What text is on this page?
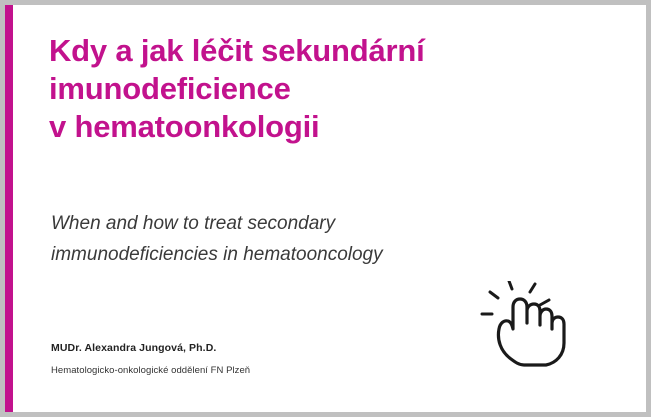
Kdy a jak léčit sekundární
imunodeficience
v hematoonkologii
When and how to treat secondary
immunodeficiencies in hematooncology
MUDr. Alexandra Jungová, Ph.D.
Hematologicko-onkologické oddělení FN Plzeň
